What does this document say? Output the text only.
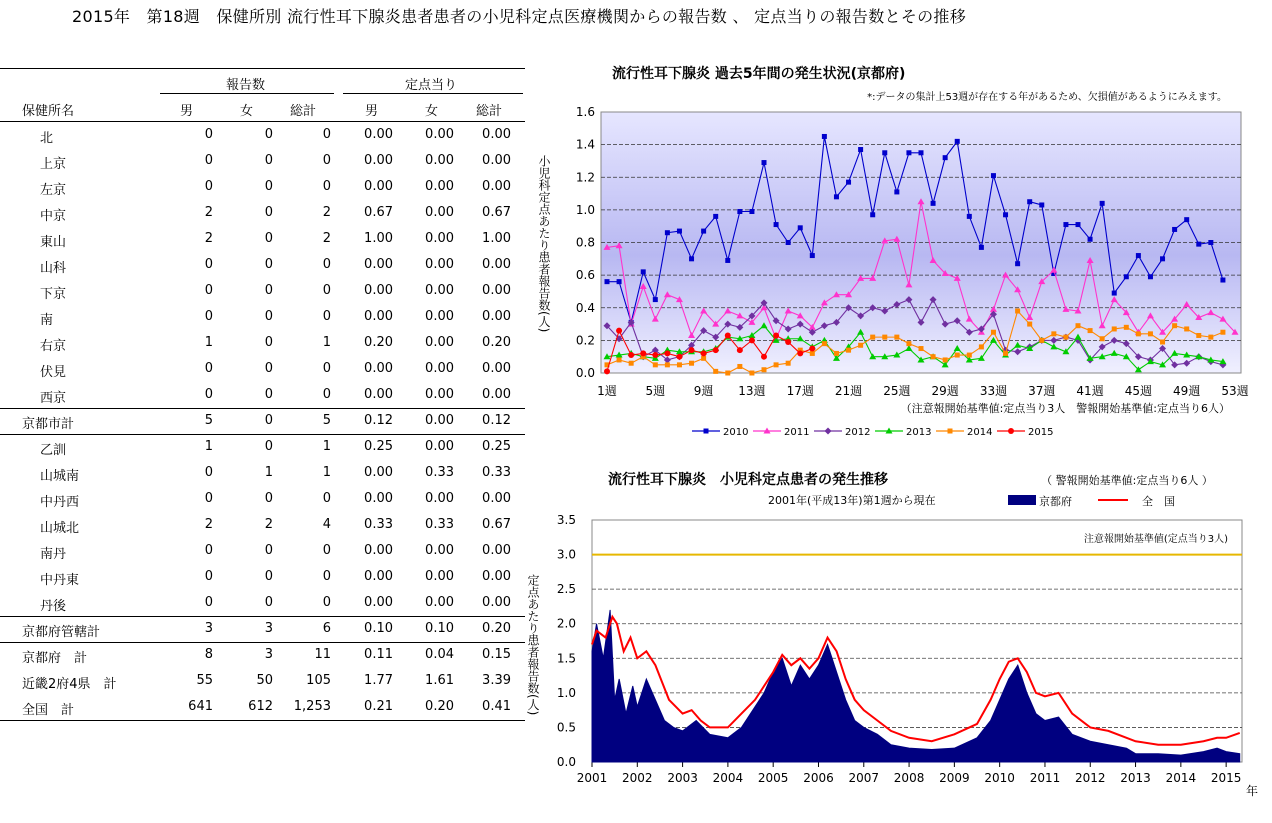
2015年　第18週　保健所別 流行性耳下腺炎患者患者の小児科定点医療機関からの報告数 、 定点当りの報告数とその推移
報告数	定点当り
保健所名	男	女	総計	男	女	総計
北	0	0	0	0.00	0.00	0.00
上京	0	0	0	0.00	0.00	0.00
左京	0	0	0	0.00	0.00	0.00
中京	2	0	2	0.67	0.00	0.67
東山	2	0	2	1.00	0.00	1.00
山科	0	0	0	0.00	0.00	0.00
下京	0	0	0	0.00	0.00	0.00
南	0	0	0	0.00	0.00	0.00
右京	1	0	1	0.20	0.00	0.20
伏見	0	0	0	0.00	0.00	0.00
西京	0	0	0	0.00	0.00	0.00
京都市計	5	0	5	0.12	0.00	0.12
乙訓	1	0	1	0.25	0.00	0.25
山城南	0	1	1	0.00	0.33	0.33
中丹西	0	0	0	0.00	0.00	0.00
山城北	2	2	4	0.33	0.33	0.67
南丹	0	0	0	0.00	0.00	0.00
中丹東	0	0	0	0.00	0.00	0.00
丹後	0	0	0	0.00	0.00	0.00
京都府管轄計	3	3	6	0.10	0.10	0.20
京都府　計	8	3	11	0.11	0.04	0.15
近畿2府4県　計	55	50	105	1.77	1.61	3.39
全国　計	641	612	1,253	0.21	0.20	0.41
流行性耳下腺炎 過去5年間の発生状況(京都府)
*:データの集計上53週が存在する年があるため、欠損値があるようにみえます。
0.0
0.2
0.4
0.6
0.8
1.0
1.2
1.4
1.6
1週 5週 9週 13週 17週 21週 25週 29週 33週 37週 41週 45週 49週 53週
小児科定点あたり患者報告数(人)
（注意報開始基準値:定点当り3人　警報開始基準値:定点当り6人）
2010	2011	2012	2013	2014	2015
流行性耳下腺炎　小児科定点患者の発生推移	（ 警報開始基準値:定点当り6人 ）
2001年(平成13年)第1週から現在	京都府	全　国
0.0
0.5
1.0
1.5
2.0
2.5
3.0
3.5
2001 2002 2003 2004 2005 2006 2007 2008 2009 2010 2011 2012 2013 2014 2015
注意報開始基準値(定点当り3人)
定点あたり患者報告数(人)
年
